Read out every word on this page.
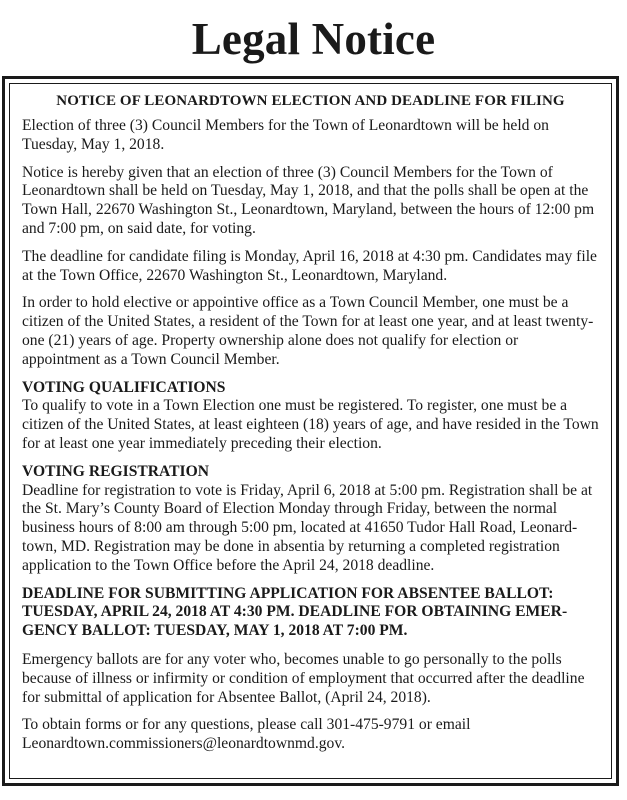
Legal Notice
NOTICE OF LEONARDTOWN ELECTION AND DEADLINE FOR FILING

Election of three (3) Council Members for the Town of Leonardtown will be held on Tuesday, May 1, 2018.

Notice is hereby given that an election of three (3) Council Members for the Town of Leonardtown shall be held on Tuesday, May 1, 2018, and that the polls shall be open at the Town Hall, 22670 Washington St., Leonardtown, Maryland, between the hours of 12:00 pm and 7:00 pm, on said date, for voting.

The deadline for candidate filing is Monday, April 16, 2018 at 4:30 pm. Candidates may file at the Town Office, 22670 Washington St., Leonardtown, Maryland.

In order to hold elective or appointive office as a Town Council Member, one must be a citizen of the United States, a resident of the Town for at least one year, and at least twenty-one (21) years of age. Property ownership alone does not qualify for election or appointment as a Town Council Member.

VOTING QUALIFICATIONS

To qualify to vote in a Town Election one must be registered. To register, one must be a citizen of the United States, at least eighteen (18) years of age, and have resided in the Town for at least one year immediately preceding their election.

VOTING REGISTRATION

Deadline for registration to vote is Friday, April 6, 2018 at 5:00 pm. Registration shall be at the St. Mary’s County Board of Election Monday through Friday, between the normal business hours of 8:00 am through 5:00 pm, located at 41650 Tudor Hall Road, Leonard-town, MD. Registration may be done in absentia by returning a completed registration application to the Town Office before the April 24, 2018 deadline.

DEADLINE FOR SUBMITTING APPLICATION FOR ABSENTEE BALLOT: TUESDAY, APRIL 24, 2018 AT 4:30 PM. DEADLINE FOR OBTAINING EMER-GENCY BALLOT: TUESDAY, MAY 1, 2018 AT 7:00 PM.

Emergency ballots are for any voter who, becomes unable to go personally to the polls because of illness or infirmity or condition of employment that occurred after the deadline for submittal of application for Absentee Ballot, (April 24, 2018).

To obtain forms or for any questions, please call 301-475-9791 or email Leonardtown.commissioners@leonardtownmd.gov.
